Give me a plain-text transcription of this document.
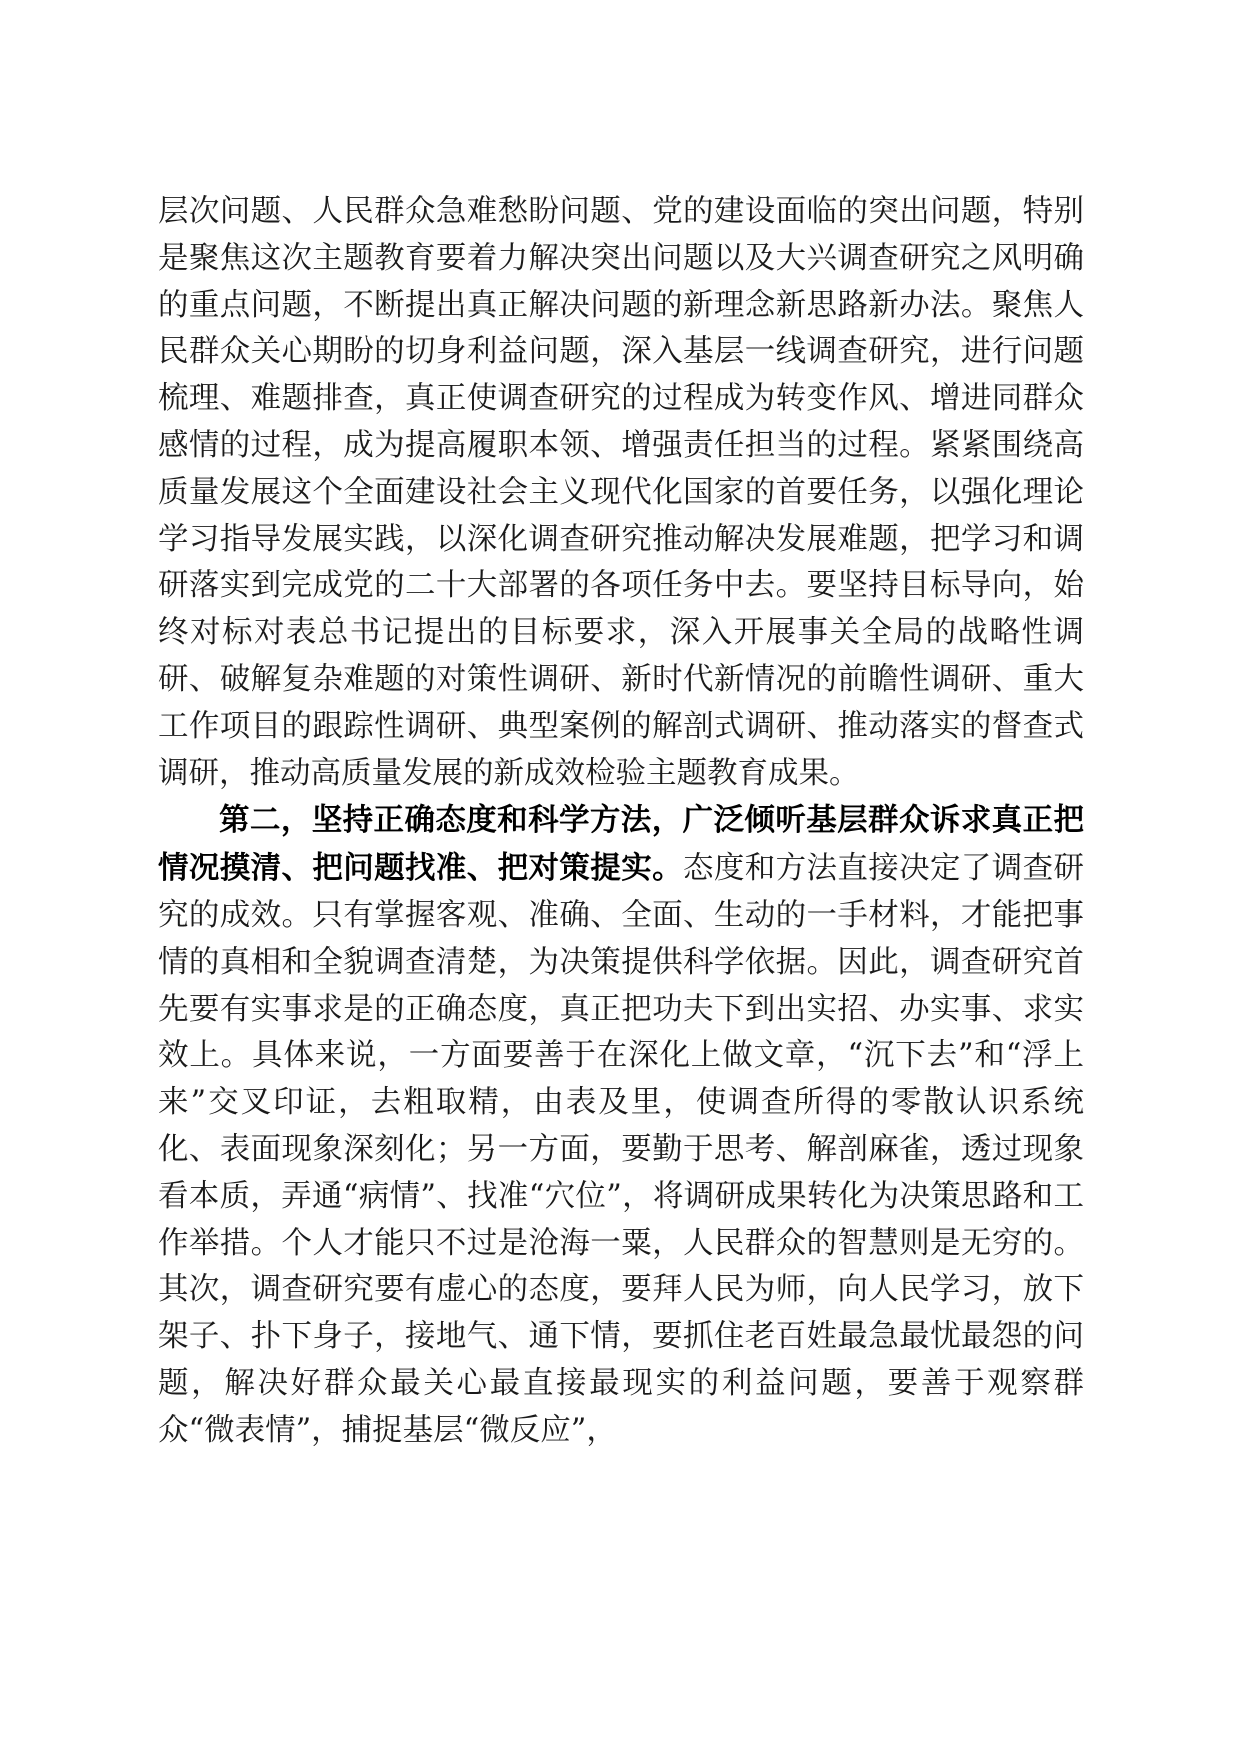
层次问题、人民群众急难愁盼问题、党的建设面临的突出问题，特别是聚焦这次主题教育要着力解决突出问题以及大兴调查研究之风明确的重点问题，不断提出真正解决问题的新理念新思路新办法。聚焦人民群众关心期盼的切身利益问题，深入基层一线调查研究，进行问题梳理、难题排查，真正使调查研究的过程成为转变作风、增进同群众感情的过程，成为提高履职本领、增强责任担当的过程。紧紧围绕高质量发展这个全面建设社会主义现代化国家的首要任务，以强化理论学习指导发展实践，以深化调查研究推动解决发展难题，把学习和调研落实到完成党的二十大部署的各项任务中去。要坚持目标导向，始终对标对表总书记提出的目标要求，深入开展事关全局的战略性调研、破解复杂难题的对策性调研、新时代新情况的前瞻性调研、重大工作项目的跟踪性调研、典型案例的解剖式调研、推动落实的督查式调研，推动高质量发展的新成效检验主题教育成果。

第二，坚持正确态度和科学方法，广泛倾听基层群众诉求真正把情况摸清、把问题找准、把对策提实。态度和方法直接决定了调查研究的成效。只有掌握客观、准确、全面、生动的一手材料，才能把事情的真相和全貌调查清楚，为决策提供科学依据。因此，调查研究首先要有实事求是的正确态度，真正把功夫下到出实招、办实事、求实效上。具体来说，一方面要善于在深化上做文章，“沉下去”和“浮上来”交叉印证，去粗取精，由表及里，使调查所得的零散认识系统化、表面现象深刻化；另一方面，要勤于思考、解剖麻雀，透过现象看本质，弄通“病情”、找准“穴位”，将调研成果转化为决策思路和工作举措。个人才能只不过是沧海一粟，人民群众的智慧则是无穷的。其次，调查研究要有虚心的态度，要拜人民为师，向人民学习，放下架子、扑下身子，接地气、通下情，要抓住老百姓最急最忧最怨的问题，解决好群众最关心最直接最现实的利益问题，要善于观察群众“微表情”，捕捉基层“微反应”，
